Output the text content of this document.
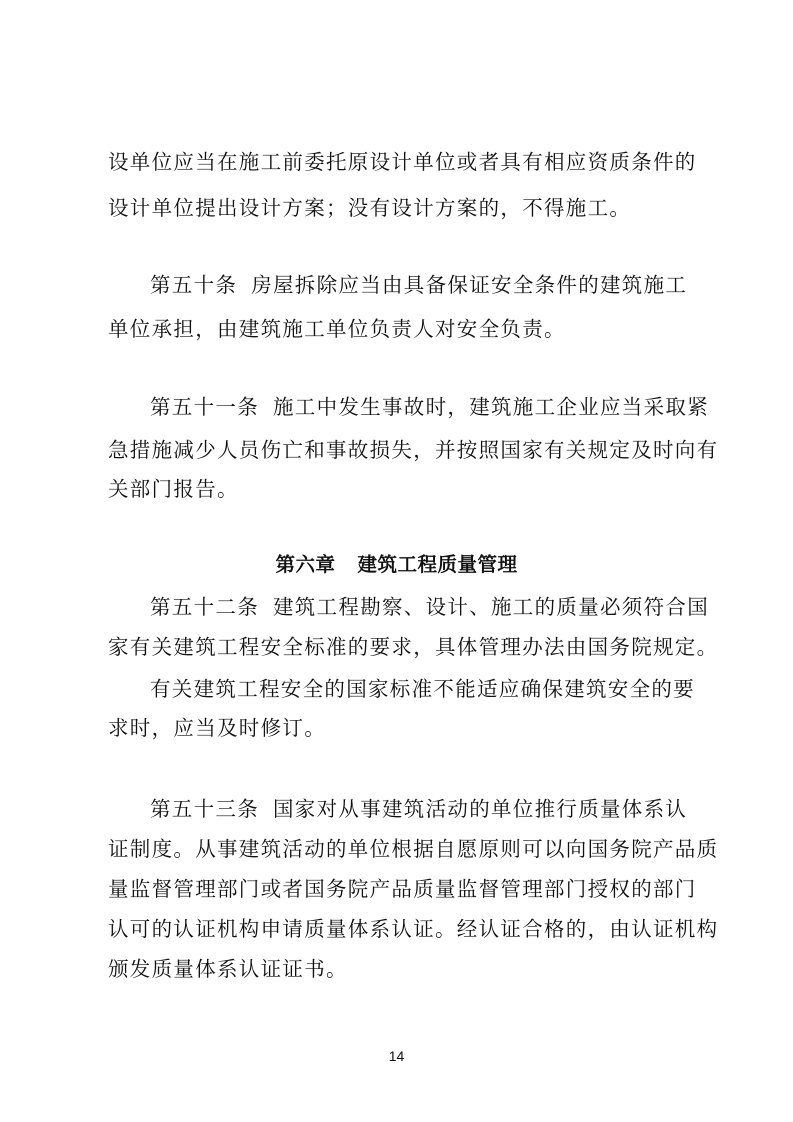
设单位应当在施工前委托原设计单位或者具有相应资质条件的
设计单位提出设计方案；没有设计方案的，不得施工。
第五十条 房屋拆除应当由具备保证安全条件的建筑施工
单位承担，由建筑施工单位负责人对安全负责。
第五十一条 施工中发生事故时，建筑施工企业应当采取紧
急措施减少人员伤亡和事故损失，并按照国家有关规定及时向有
关部门报告。
第六章 建筑工程质量管理
第五十二条 建筑工程勘察、设计、施工的质量必须符合国
家有关建筑工程安全标准的要求，具体管理办法由国务院规定。
有关建筑工程安全的国家标准不能适应确保建筑安全的要
求时，应当及时修订。
第五十三条 国家对从事建筑活动的单位推行质量体系认
证制度。从事建筑活动的单位根据自愿原则可以向国务院产品质
量监督管理部门或者国务院产品质量监督管理部门授权的部门
认可的认证机构申请质量体系认证。经认证合格的，由认证机构
颁发质量体系认证证书。
14
